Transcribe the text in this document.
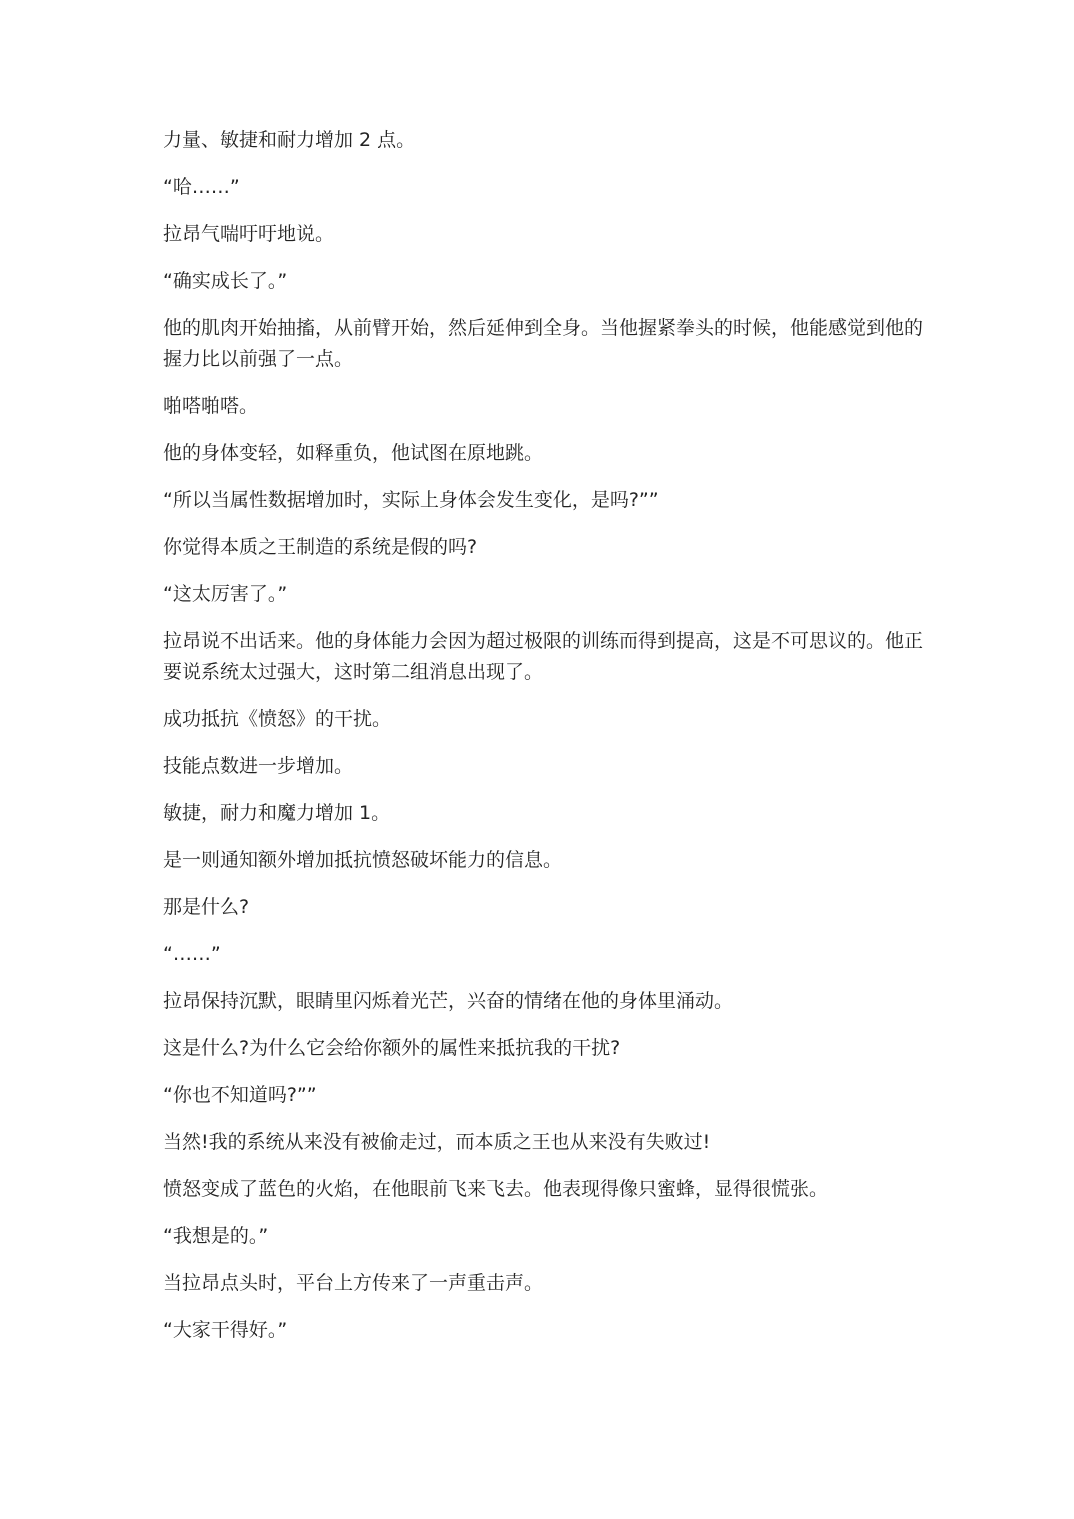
力量、敏捷和耐力增加 2 点。

“哈……”

拉昂气喘吁吁地说。

“确实成长了。”

他的肌肉开始抽搐，从前臂开始，然后延伸到全身。当他握紧拳头的时候，他能感觉到他的握力比以前强了一点。

啪嗒啪嗒。

他的身体变轻，如释重负，他试图在原地跳。

“所以当属性数据增加时，实际上身体会发生变化，是吗?””

你觉得本质之王制造的系统是假的吗?

“这太厉害了。”

拉昂说不出话来。他的身体能力会因为超过极限的训练而得到提高，这是不可思议的。他正要说系统太过强大，这时第二组消息出现了。

成功抵抗《愤怒》的干扰。

技能点数进一步增加。

敏捷，耐力和魔力增加 1。

是一则通知额外增加抵抗愤怒破坏能力的信息。

那是什么?

“……”

拉昂保持沉默，眼睛里闪烁着光芒，兴奋的情绪在他的身体里涌动。

这是什么?为什么它会给你额外的属性来抵抗我的干扰?

“你也不知道吗?””

当然!我的系统从来没有被偷走过，而本质之王也从来没有失败过!

愤怒变成了蓝色的火焰，在他眼前飞来飞去。他表现得像只蜜蜂，显得很慌张。

“我想是的。”

当拉昂点头时，平台上方传来了一声重击声。

“大家干得好。”
